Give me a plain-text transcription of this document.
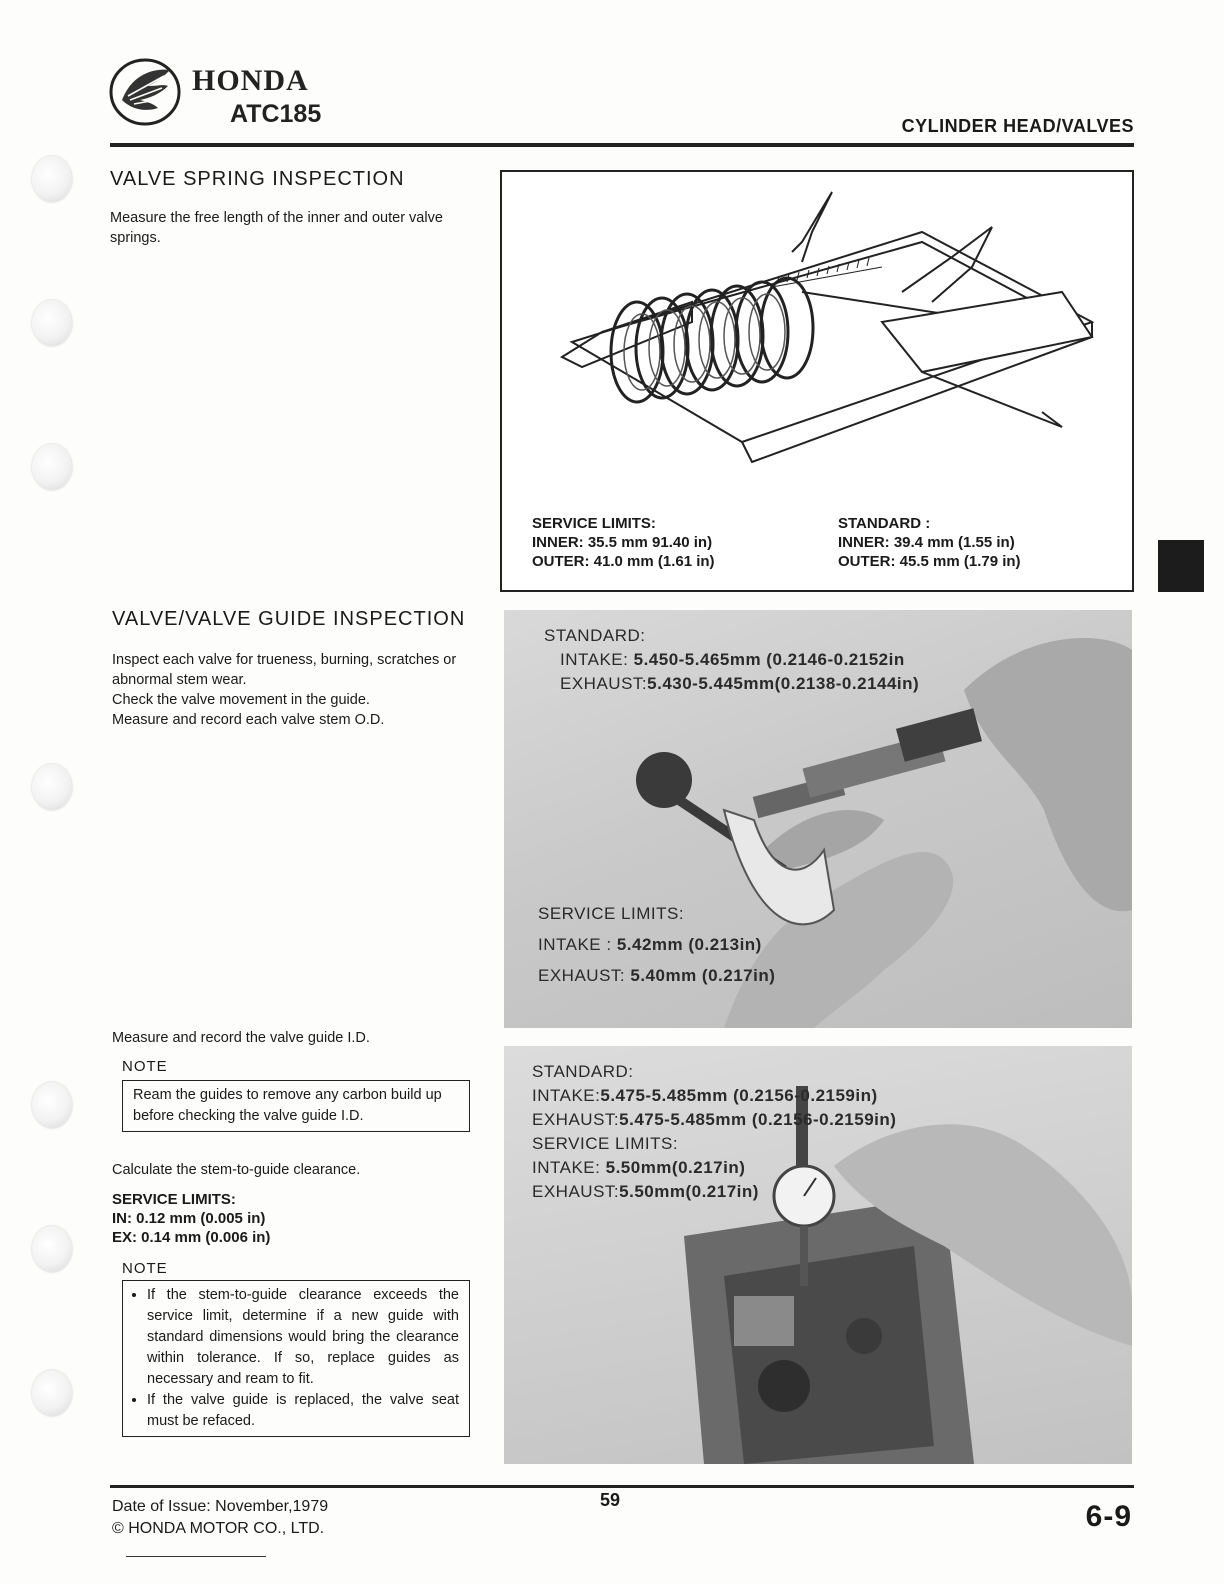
HONDA
ATC185	CYLINDER HEAD/VALVES
VALVE SPRING INSPECTION
Measure the free length of the inner and outer valve springs.
SERVICE LIMITS:
INNER: 35.5 mm 91.40 in)
OUTER: 41.0 mm (1.61 in)
STANDARD :
INNER: 39.4 mm (1.55 in)
OUTER: 45.5 mm (1.79 in)
VALVE/VALVE GUIDE INSPECTION
Inspect each valve for trueness, burning, scratches or abnormal stem wear.
Check the valve movement in the guide.
Measure and record each valve stem O.D.
STANDARD:
INTAKE: 5.450-5.465mm (0.2146-0.2152in
EXHAUST:5.430-5.445mm(0.2138-0.2144in)
SERVICE LIMITS:
INTAKE : 5.42mm (0.213in)
EXHAUST: 5.40mm (0.217in)
Measure and record the valve guide I.D.
NOTE
Ream the guides to remove any carbon build up before checking the valve guide I.D.
Calculate the stem-to-guide clearance.
SERVICE LIMITS:
IN: 0.12 mm (0.005 in)
EX: 0.14 mm (0.006 in)
NOTE
• If the stem-to-guide clearance exceeds the service limit, determine if a new guide with standard dimensions would bring the clearance within tolerance. If so, replace guides as necessary and ream to fit.
• If the valve guide is replaced, the valve seat must be refaced.
STANDARD:
INTAKE:5.475-5.485mm (0.2156-0.2159in)
EXHAUST:5.475-5.485mm (0.2156-0.2159in)
SERVICE LIMITS:
INTAKE: 5.50mm(0.217in)
EXHAUST:5.50mm(0.217in)
Date of Issue: November,1979
© HONDA MOTOR CO., LTD.
59	6-9
